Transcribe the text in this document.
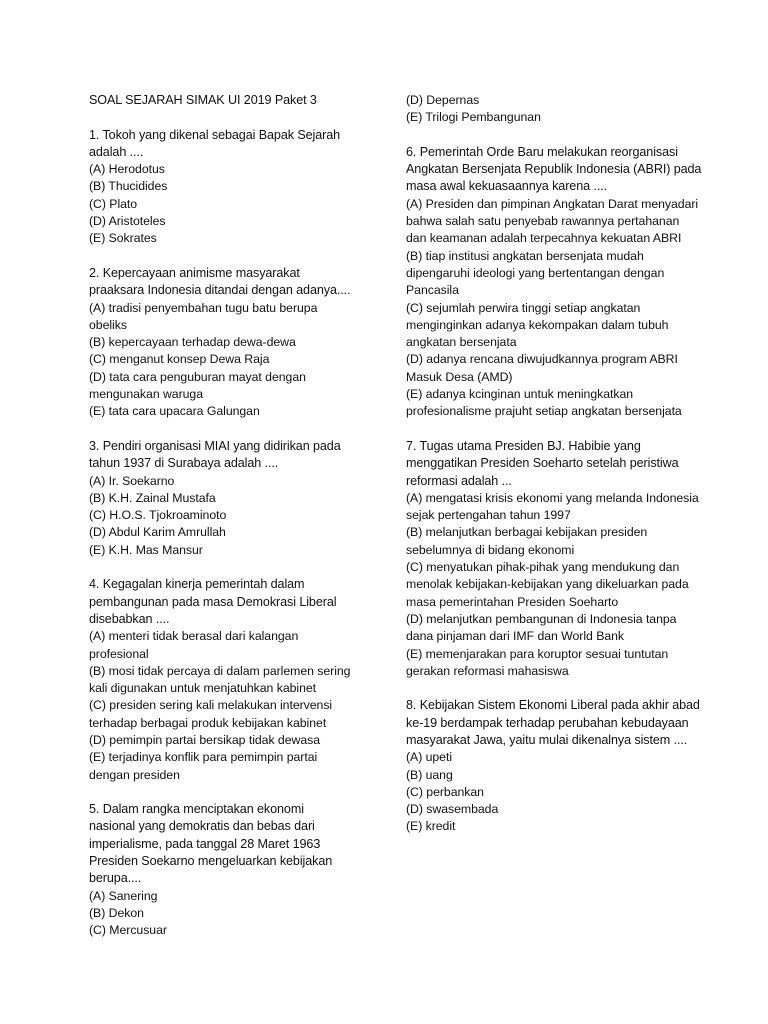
SOAL SEJARAH SIMAK UI 2019 Paket 3
1. Tokoh yang dikenal sebagai Bapak Sejarah adalah ....
(A) Herodotus
(B) Thucidides
(C) Plato
(D) Aristoteles
(E) Sokrates
2. Kepercayaan animisme masyarakat praaksara Indonesia ditandai dengan adanya....
(A) tradisi penyembahan tugu batu berupa obeliks
(B) kepercayaan terhadap dewa-dewa
(C) menganut konsep Dewa Raja
(D) tata cara penguburan mayat dengan mengunakan waruga
(E) tata cara upacara Galungan
3. Pendiri organisasi MIAI yang didirikan pada tahun 1937 di Surabaya adalah ....
(A) Ir. Soekarno
(B) K.H. Zainal Mustafa
(C) H.O.S. Tjokroaminoto
(D) Abdul Karim Amrullah
(E) K.H. Mas Mansur
4. Kegagalan kinerja pemerintah dalam pembangunan pada masa Demokrasi Liberal disebabkan ....
(A) menteri tidak berasal dari kalangan profesional
(B) mosi tidak percaya di dalam parlemen sering kali digunakan untuk menjatuhkan kabinet
(C) presiden sering kali melakukan intervensi terhadap berbagai produk kebijakan kabinet
(D) pemimpin partai bersikap tidak dewasa
(E) terjadinya konflik para pemimpin partai dengan presiden
5. Dalam rangka menciptakan ekonomi nasional yang demokratis dan bebas dari imperialisme, pada tanggal 28 Maret 1963 Presiden Soekarno mengeluarkan kebijakan berupa....
(A) Sanering
(B) Dekon
(C) Mercusuar
(D) Depernas
(E) Trilogi Pembangunan
6. Pemerintah Orde Baru melakukan reorganisasi Angkatan Bersenjata Republik Indonesia (ABRI) pada masa awal kekuasaannya karena ....
(A) Presiden dan pimpinan Angkatan Darat menyadari bahwa salah satu penyebab rawannya pertahanan dan keamanan adalah terpecahnya kekuatan ABRI
(B) tiap institusi angkatan bersenjata mudah dipengaruhi ideologi yang bertentangan dengan Pancasila
(C) sejumlah perwira tinggi setiap angkatan menginginkan adanya kekompakan dalam tubuh angkatan bersenjata
(D) adanya rencana diwujudkannya program ABRI Masuk Desa (AMD)
(E) adanya kcinginan untuk meningkatkan profesionalisme prajuht setiap angkatan bersenjata
7. Tugas utama Presiden BJ. Habibie yang menggatikan Presiden Soeharto setelah peristiwa reformasi adalah ...
(A) mengatasi krisis ekonomi yang melanda Indonesia sejak pertengahan tahun 1997
(B) melanjutkan berbagai kebijakan presiden sebelumnya di bidang ekonomi
(C) menyatukan pihak-pihak yang mendukung dan menolak kebijakan-kebijakan yang dikeluarkan pada masa pemerintahan Presiden Soeharto
(D) melanjutkan pembangunan di Indonesia tanpa dana pinjaman dari IMF dan World Bank
(E) memenjarakan para koruptor sesuai tuntutan gerakan reformasi mahasiswa
8. Kebijakan Sistem Ekonomi Liberal pada akhir abad ke-19 berdampak terhadap perubahan kebudayaan masyarakat Jawa, yaitu mulai dikenalnya sistem ....
(A) upeti
(B) uang
(C) perbankan
(D) swasembada
(E) kredit
